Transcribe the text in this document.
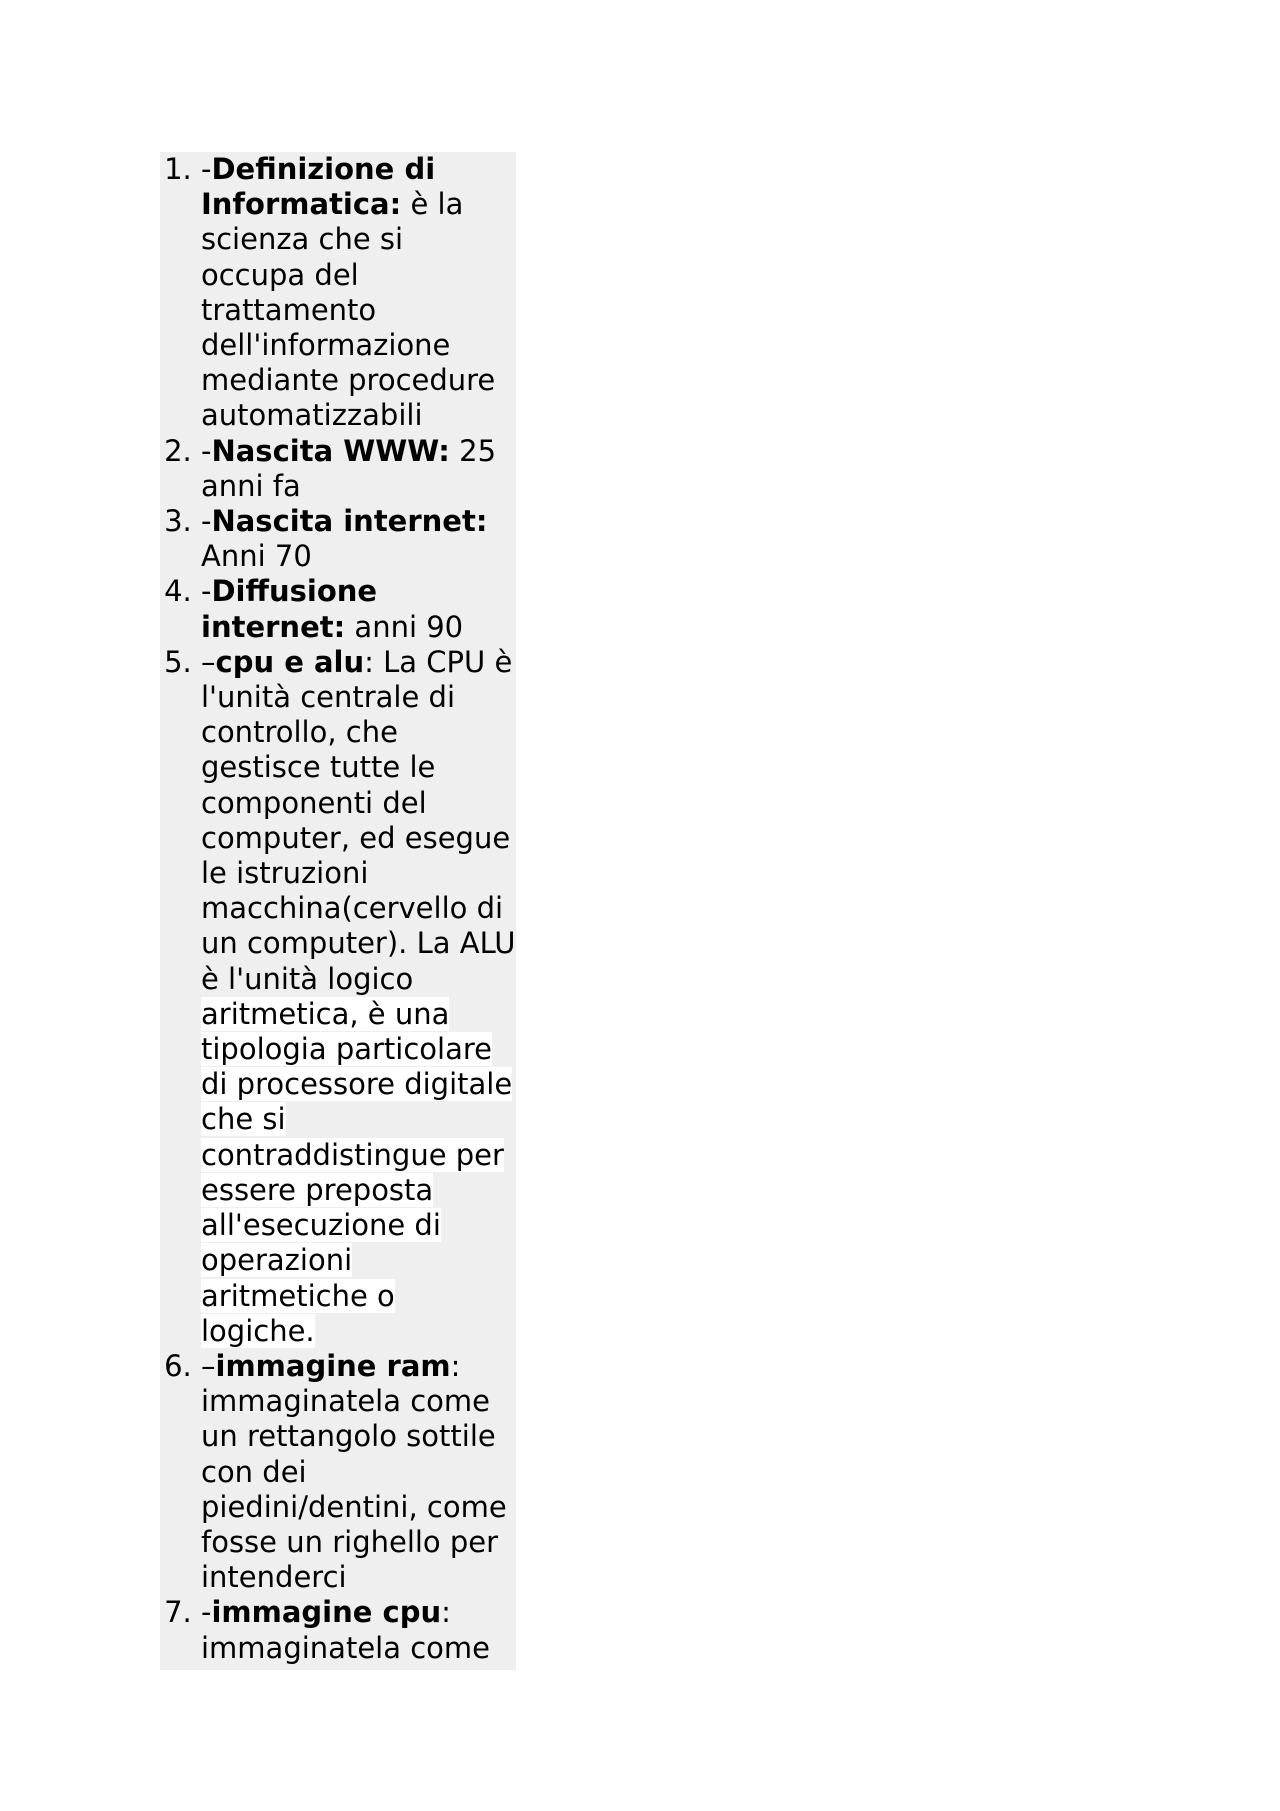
1. -Definizione di Informatica: è la scienza che si occupa del trattamento dell'informazione mediante procedure automatizzabili
2. -Nascita WWW: 25 anni fa
3. -Nascita internet: Anni 70
4. -Diffusione internet: anni 90
5. –cpu e alu: La CPU è l'unità centrale di controllo, che gestisce tutte le componenti del computer, ed esegue le istruzioni macchina(cervello di un computer). La ALU è l'unità logico aritmetica, è una tipologia particolare di processore digitale che si contraddistingue per essere preposta all'esecuzione di operazioni aritmetiche o logiche.
6. –immagine ram: immaginatela come un rettangolo sottile con dei piedini/dentini, come fosse un righello per intenderci
7. -immagine cpu: immaginatela come
